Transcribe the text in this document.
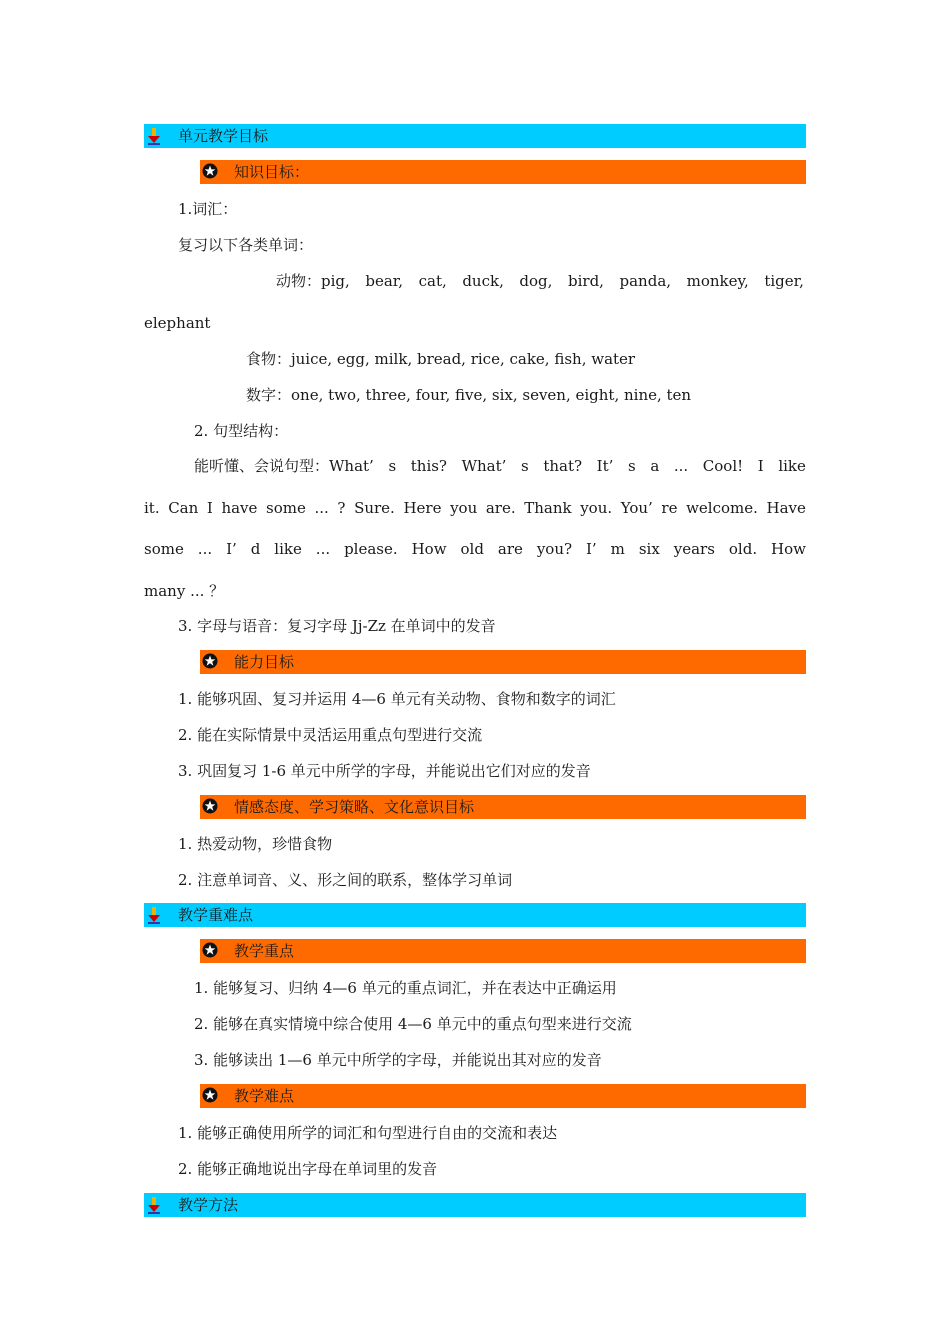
单元教学目标
知识目标：
1.词汇：
复习以下各类单词：
动物：pig, bear, cat, duck, dog, bird, panda, monkey, tiger,
elephant
食物：juice, egg, milk, bread, rice, cake, fish, water
数字：one, two, three, four, five, six, seven, eight, nine, ten
2. 句型结构：
能听懂、会说句型：What’ s this? What’ s that? It’ s a ... Cool! I like
it. Can I have some ... ? Sure. Here you are. Thank you. You’ re welcome. Have
some ... I’ d like ... please. How old are you? I’ m six years old. How
many ... ？
3. 字母与语音：复习字母 Jj-Zz 在单词中的发音
能力目标
1. 能够巩固、复习并运用 4—6 单元有关动物、食物和数字的词汇
2. 能在实际情景中灵活运用重点句型进行交流
3. 巩固复习 1-6 单元中所学的字母，并能说出它们对应的发音
情感态度、学习策略、文化意识目标
1. 热爱动物，珍惜食物
2. 注意单词音、义、形之间的联系，整体学习单词
教学重难点
教学重点
1. 能够复习、归纳 4—6 单元的重点词汇，并在表达中正确运用
2. 能够在真实情境中综合使用 4—6 单元中的重点句型来进行交流
3. 能够读出 1—6 单元中所学的字母，并能说出其对应的发音
教学难点
1. 能够正确使用所学的词汇和句型进行自由的交流和表达
2. 能够正确地说出字母在单词里的发音
教学方法
